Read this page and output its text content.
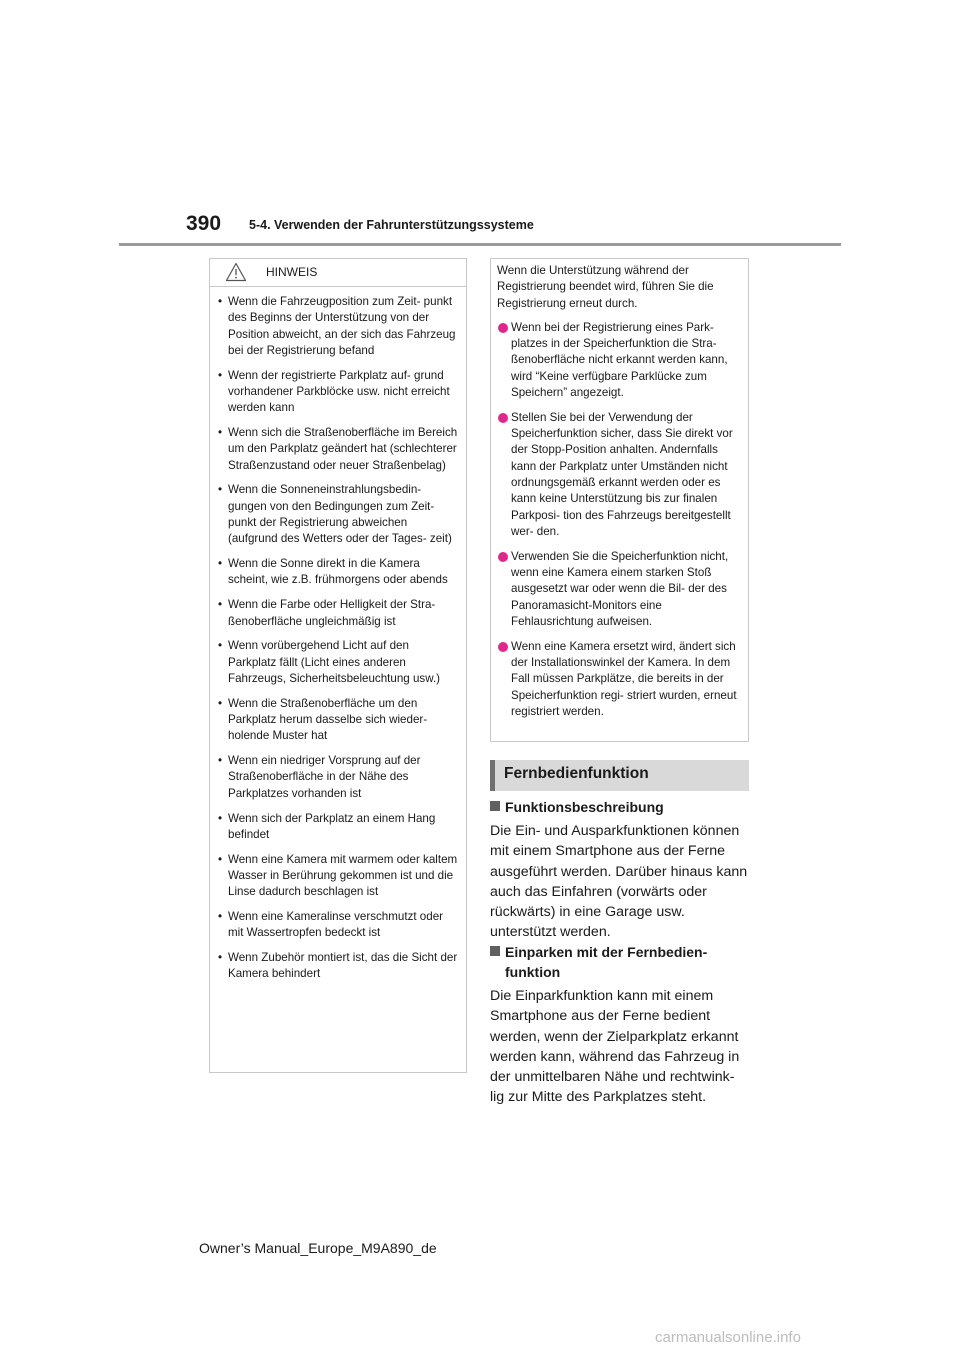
390 5-4. Verwenden der Fahrunterstützungssysteme
HINWEIS
• Wenn die Fahrzeugposition zum Zeit- punkt des Beginns der Unterstützung von der Position abweicht, an der sich das Fahrzeug bei der Registrierung befand
• Wenn der registrierte Parkplatz auf- grund vorhandener Parkblöcke usw. nicht erreicht werden kann
• Wenn sich die Straßenoberfläche im Bereich um den Parkplatz geändert hat (schlechterer Straßenzustand oder neuer Straßenbelag)
• Wenn die Sonneneinstrahlungsbedin- gungen von den Bedingungen zum Zeit- punkt der Registrierung abweichen (aufgrund des Wetters oder der Tages- zeit)
• Wenn die Sonne direkt in die Kamera scheint, wie z.B. frühmorgens oder abends
• Wenn die Farbe oder Helligkeit der Stra- ßenoberfläche ungleichmäßig ist
• Wenn vorübergehend Licht auf den Parkplatz fällt (Licht eines anderen Fahrzeugs, Sicherheitsbeleuchtung usw.)
• Wenn die Straßenoberfläche um den Parkplatz herum dasselbe sich wieder- holende Muster hat
• Wenn ein niedriger Vorsprung auf der Straßenoberfläche in der Nähe des Parkplatzes vorhanden ist
• Wenn sich der Parkplatz an einem Hang befindet
• Wenn eine Kamera mit warmem oder kaltem Wasser in Berührung gekommen ist und die Linse dadurch beschlagen ist
• Wenn eine Kameralinse verschmutzt oder mit Wassertropfen bedeckt ist
• Wenn Zubehör montiert ist, das die Sicht der Kamera behindert

Wenn die Unterstützung während der Registrierung beendet wird, führen Sie die Registrierung erneut durch.

Wenn bei der Registrierung eines Park- platzes in der Speicherfunktion die Stra- ßenoberfläche nicht erkannt werden kann, wird “Keine verfügbare Parklücke zum Speichern” angezeigt.
Stellen Sie bei der Verwendung der Speicherfunktion sicher, dass Sie direkt vor der Stopp-Position anhalten. Andernfalls kann der Parkplatz unter Umständen nicht ordnungsgemäß erkannt werden oder es kann keine Unterstützung bis zur finalen Parkposi- tion des Fahrzeugs bereitgestellt wer- den.
Verwenden Sie die Speicherfunktion nicht, wenn eine Kamera einem starken Stoß ausgesetzt war oder wenn die Bil- der des Panoramasicht-Monitors eine Fehlausrichtung aufweisen.
Wenn eine Kamera ersetzt wird, ändert sich der Installationswinkel der Kamera. In dem Fall müssen Parkplätze, die bereits in der Speicherfunktion regi- striert wurden, erneut registriert werden.
Fernbedienfunktion
Funktionsbeschreibung

Die Ein- und Ausparkfunktionen können mit einem Smartphone aus der Ferne ausgeführt werden. Darüber hinaus kann auch das Einfahren (vorwärts oder rückwärts) in eine Garage usw. unterstützt werden.

Einparken mit der Fernbedien- funktion

Die Einparkfunktion kann mit einem Smartphone aus der Ferne bedient werden, wenn der Zielparkplatz erkannt werden kann, während das Fahrzeug in der unmittelbaren Nähe und rechtwink- lig zur Mitte des Parkplatzes steht.

Owner’s Manual_Europe_M9A890_de
carmanualsonline.info
